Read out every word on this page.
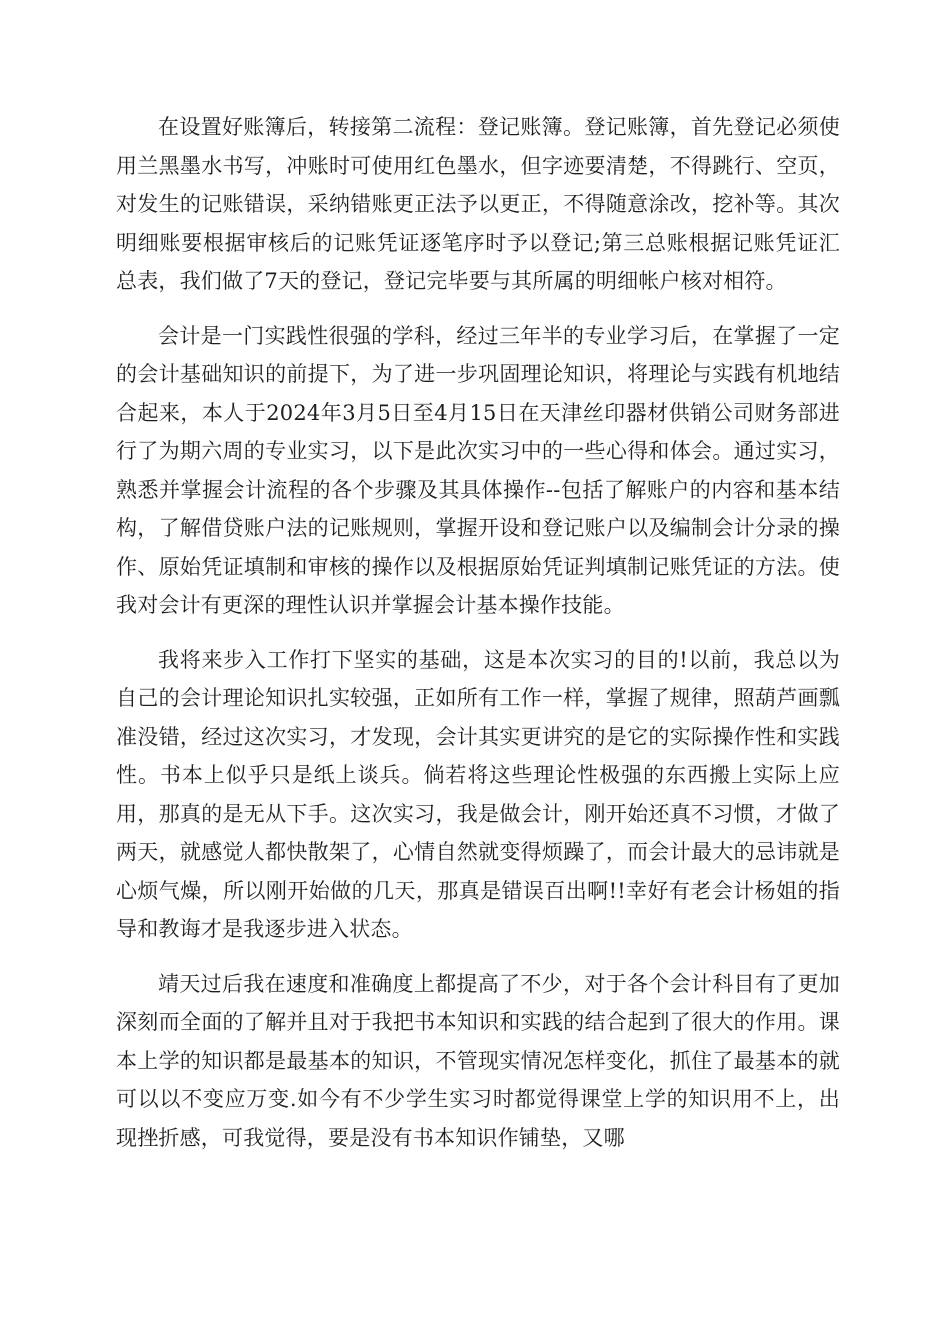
在设置好账簿后，转接第二流程：登记账簿。登记账簿，首先登记必须使用兰黑墨水书写，冲账时可使用红色墨水，但字迹要清楚，不得跳行、空页，对发生的记账错误，采纳错账更正法予以更正，不得随意涂改，挖补等。其次明细账要根据审核后的记账凭证逐笔序时予以登记;第三总账根据记账凭证汇总表，我们做了7天的登记，登记完毕要与其所属的明细帐户核对相符。

会计是一门实践性很强的学科，经过三年半的专业学习后，在掌握了一定的会计基础知识的前提下，为了进一步巩固理论知识，将理论与实践有机地结合起来，本人于2024年3月5日至4月15日在天津丝印器材供销公司财务部进行了为期六周的专业实习，以下是此次实习中的一些心得和体会。通过实习，熟悉并掌握会计流程的各个步骤及其具体操作--包括了解账户的内容和基本结构，了解借贷账户法的记账规则，掌握开设和登记账户以及编制会计分录的操作、原始凭证填制和审核的操作以及根据原始凭证判填制记账凭证的方法。使我对会计有更深的理性认识并掌握会计基本操作技能。

我将来步入工作打下坚实的基础，这是本次实习的目的!以前，我总以为自己的会计理论知识扎实较强，正如所有工作一样，掌握了规律，照葫芦画瓢准没错，经过这次实习，才发现，会计其实更讲究的是它的实际操作性和实践性。书本上似乎只是纸上谈兵。倘若将这些理论性极强的东西搬上实际上应用，那真的是无从下手。这次实习，我是做会计，刚开始还真不习惯，才做了两天，就感觉人都快散架了，心情自然就变得烦躁了，而会计最大的忌讳就是心烦气燥，所以刚开始做的几天，那真是错误百出啊!!幸好有老会计杨姐的指导和教诲才是我逐步进入状态。

靖天过后我在速度和准确度上都提高了不少，对于各个会计科目有了更加深刻而全面的了解并且对于我把书本知识和实践的结合起到了很大的作用。课本上学的知识都是最基本的知识，不管现实情况怎样变化，抓住了最基本的就可以以不变应万变.如今有不少学生实习时都觉得课堂上学的知识用不上，出现挫折感，可我觉得，要是没有书本知识作铺垫，又哪
